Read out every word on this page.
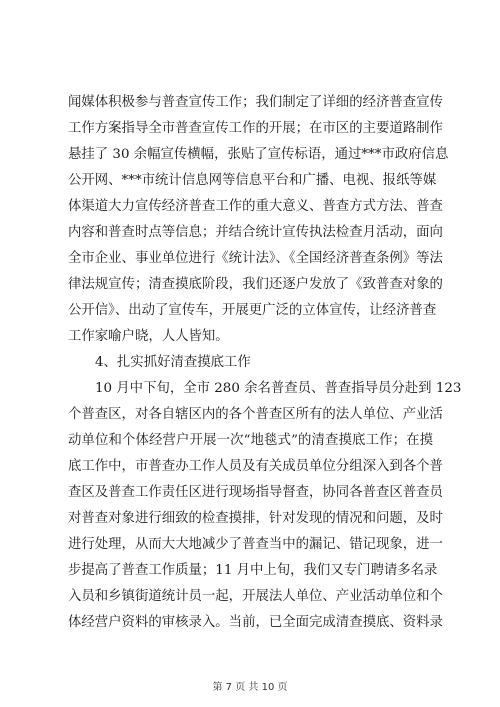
闻媒体积极参与普查宣传工作；我们制定了详细的经济普查宣传
工作方案指导全市普查宣传工作的开展；在市区的主要道路制作
悬挂了 30 余幅宣传横幅，张贴了宣传标语，通过***市政府信息
公开网、***市统计信息网等信息平台和广播、电视、报纸等媒
体渠道大力宣传经济普查工作的重大意义、普查方式方法、普查
内容和普查时点等信息；并结合统计宣传执法检查月活动，面向
全市企业、事业单位进行《统计法》、《全国经济普查条例》等法
律法规宣传；清查摸底阶段，我们还逐户发放了《致普查对象的
公开信》、出动了宣传车，开展更广泛的立体宣传，让经济普查
工作家喻户晓，人人皆知。
4、扎实抓好清查摸底工作
10 月中下旬，全市 280 余名普查员、普查指导员分赴到 123
个普查区，对各自辖区内的各个普查区所有的法人单位、产业活
动单位和个体经营户开展一次“地毯式”的清查摸底工作；在摸
底工作中，市普查办工作人员及有关成员单位分组深入到各个普
查区及普查工作责任区进行现场指导督查，协同各普查区普查员
对普查对象进行细致的检查摸排，针对发现的情况和问题，及时
进行处理，从而大大地减少了普查当中的漏记、错记现象，进一
步提高了普查工作质量；11 月中上旬，我们又专门聘请多名录
入员和乡镇街道统计员一起，开展法人单位、产业活动单位和个
体经营户资料的审核录入。当前，已全面完成清查摸底、资料录
第 7 页 共 10 页
